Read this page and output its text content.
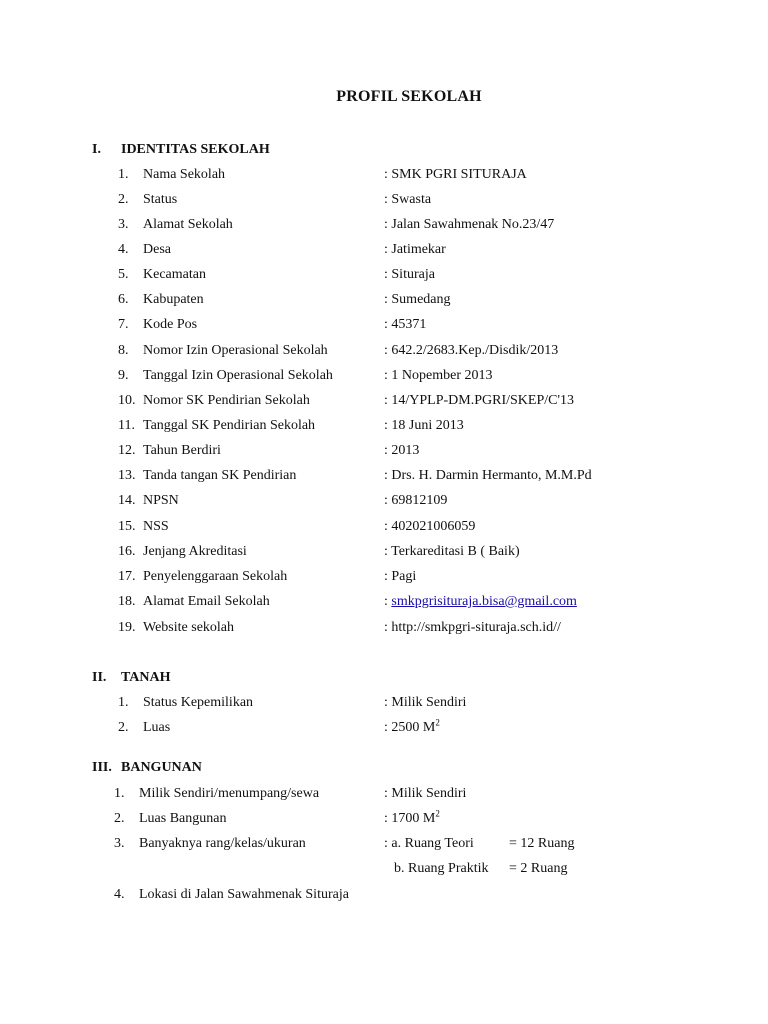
PROFIL SEKOLAH
I. IDENTITAS SEKOLAH
1. Nama Sekolah	: SMK PGRI SITURAJA
2. Status	: Swasta
3. Alamat Sekolah	: Jalan Sawahmenak No.23/47
4. Desa	: Jatimekar
5. Kecamatan	: Situraja
6. Kabupaten	: Sumedang
7. Kode Pos	: 45371
8. Nomor Izin Operasional Sekolah	: 642.2/2683.Kep./Disdik/2013
9. Tanggal Izin Operasional Sekolah	: 1 Nopember 2013
10. Nomor SK Pendirian Sekolah	: 14/YPLP-DM.PGRI/SKEP/C'13
11. Tanggal SK Pendirian Sekolah	: 18 Juni 2013
12. Tahun Berdiri	: 2013
13. Tanda tangan SK Pendirian	: Drs. H. Darmin Hermanto, M.M.Pd
14. NPSN	: 69812109
15. NSS	: 402021006059
16. Jenjang Akreditasi	: Terkareditasi B ( Baik)
17. Penyelenggaraan Sekolah	: Pagi
18. Alamat Email Sekolah	: smkpgrisituraja.bisa@gmail.com
19. Website sekolah	: http://smkpgri-situraja.sch.id//
II. TANAH
1. Status Kepemilikan	: Milik Sendiri
2. Luas	: 2500 $M^2$
III. BANGUNAN
1. Milik Sendiri/menumpang/sewa	: Milik Sendiri
2. Luas Bangunan	: 1700 $M^2$
3. Banyaknya rang/kelas/ukuran	: a. Ruang Teori	= 12 Ruang
b. Ruang Praktik = 2 Ruang
4. Lokasi di Jalan Sawahmenak Situraja
